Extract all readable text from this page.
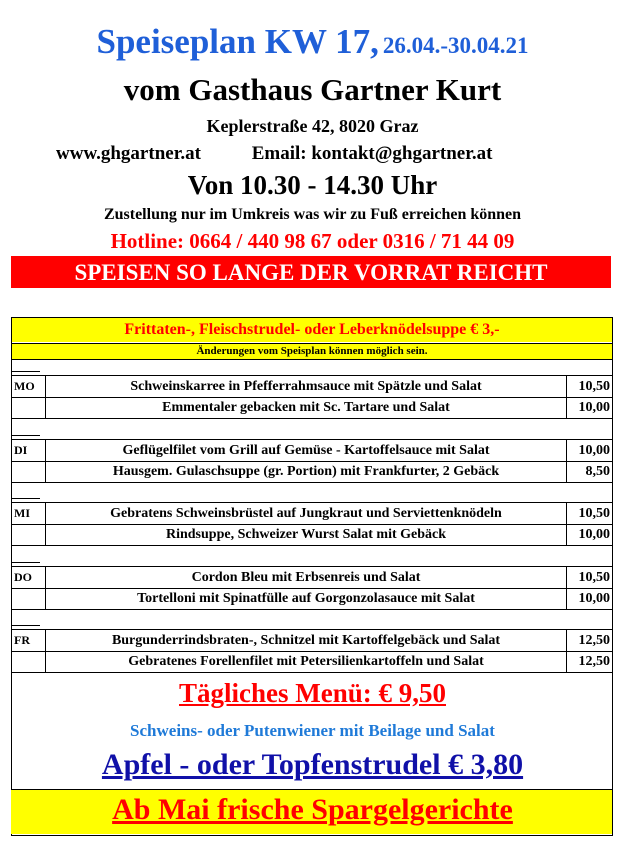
Speiseplan KW 17, 26.04.-30.04.21
vom Gasthaus Gartner Kurt
Keplerstraße 42, 8020 Graz
www.ghgartner.at	Email: kontakt@ghgartner.at
Von 10.30 - 14.30 Uhr
Zustellung nur im Umkreis was wir zu Fuß erreichen können
Hotline: 0664 / 440 98 67 oder 0316 / 71 44 09
SPEISEN SO LANGE DER VORRAT REICHT
Frittaten-, Fleischstrudel- oder Leberknödelsuppe € 3,-
Änderungen vom Speisplan können möglich sein.
MO	Schweinskarree in Pfefferrahmsauce mit Spätzle und Salat	10,50
Emmentaler gebacken mit Sc. Tartare und Salat	10,00
DI	Geflügelfilet vom Grill auf Gemüse - Kartoffelsauce mit Salat	10,00
Hausgem. Gulaschsuppe (gr. Portion) mit Frankfurter, 2 Gebäck	8,50
MI	Gebratens Schweinsbrüstel auf Jungkraut und Serviettenknödeln	10,50
Rindsuppe, Schweizer Wurst Salat mit Gebäck	10,00
DO	Cordon Bleu mit Erbsenreis und Salat	10,50
Tortelloni mit Spinatfülle auf Gorgonzolasauce mit Salat	10,00
FR	Burgunderrindsbraten-, Schnitzel mit Kartoffelgebäck und Salat	12,50
Gebratenes Forellenfilet mit Petersilienkartoffeln und Salat	12,50
Tägliches Menü: € 9,50
Schweins- oder Putenwiener mit Beilage und Salat
Apfel - oder Topfenstrudel € 3,80
Ab Mai frische Spargelgerichte
